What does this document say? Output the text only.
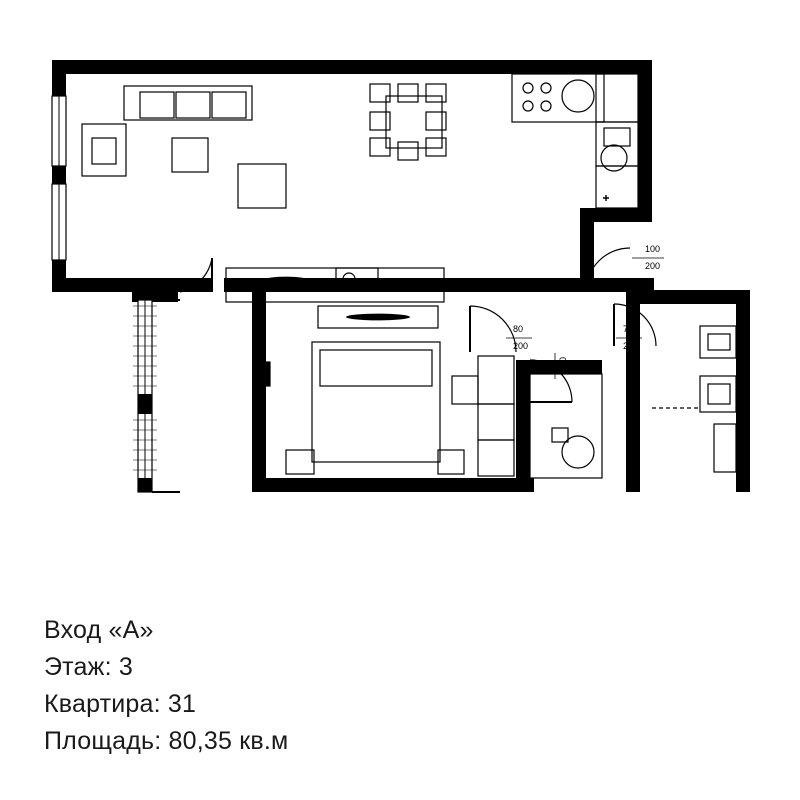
100
200
80
200
70 200
70
200
Вход «А»
Этаж: 3
Квартира: 31
Площадь: 80,35 кв.м
